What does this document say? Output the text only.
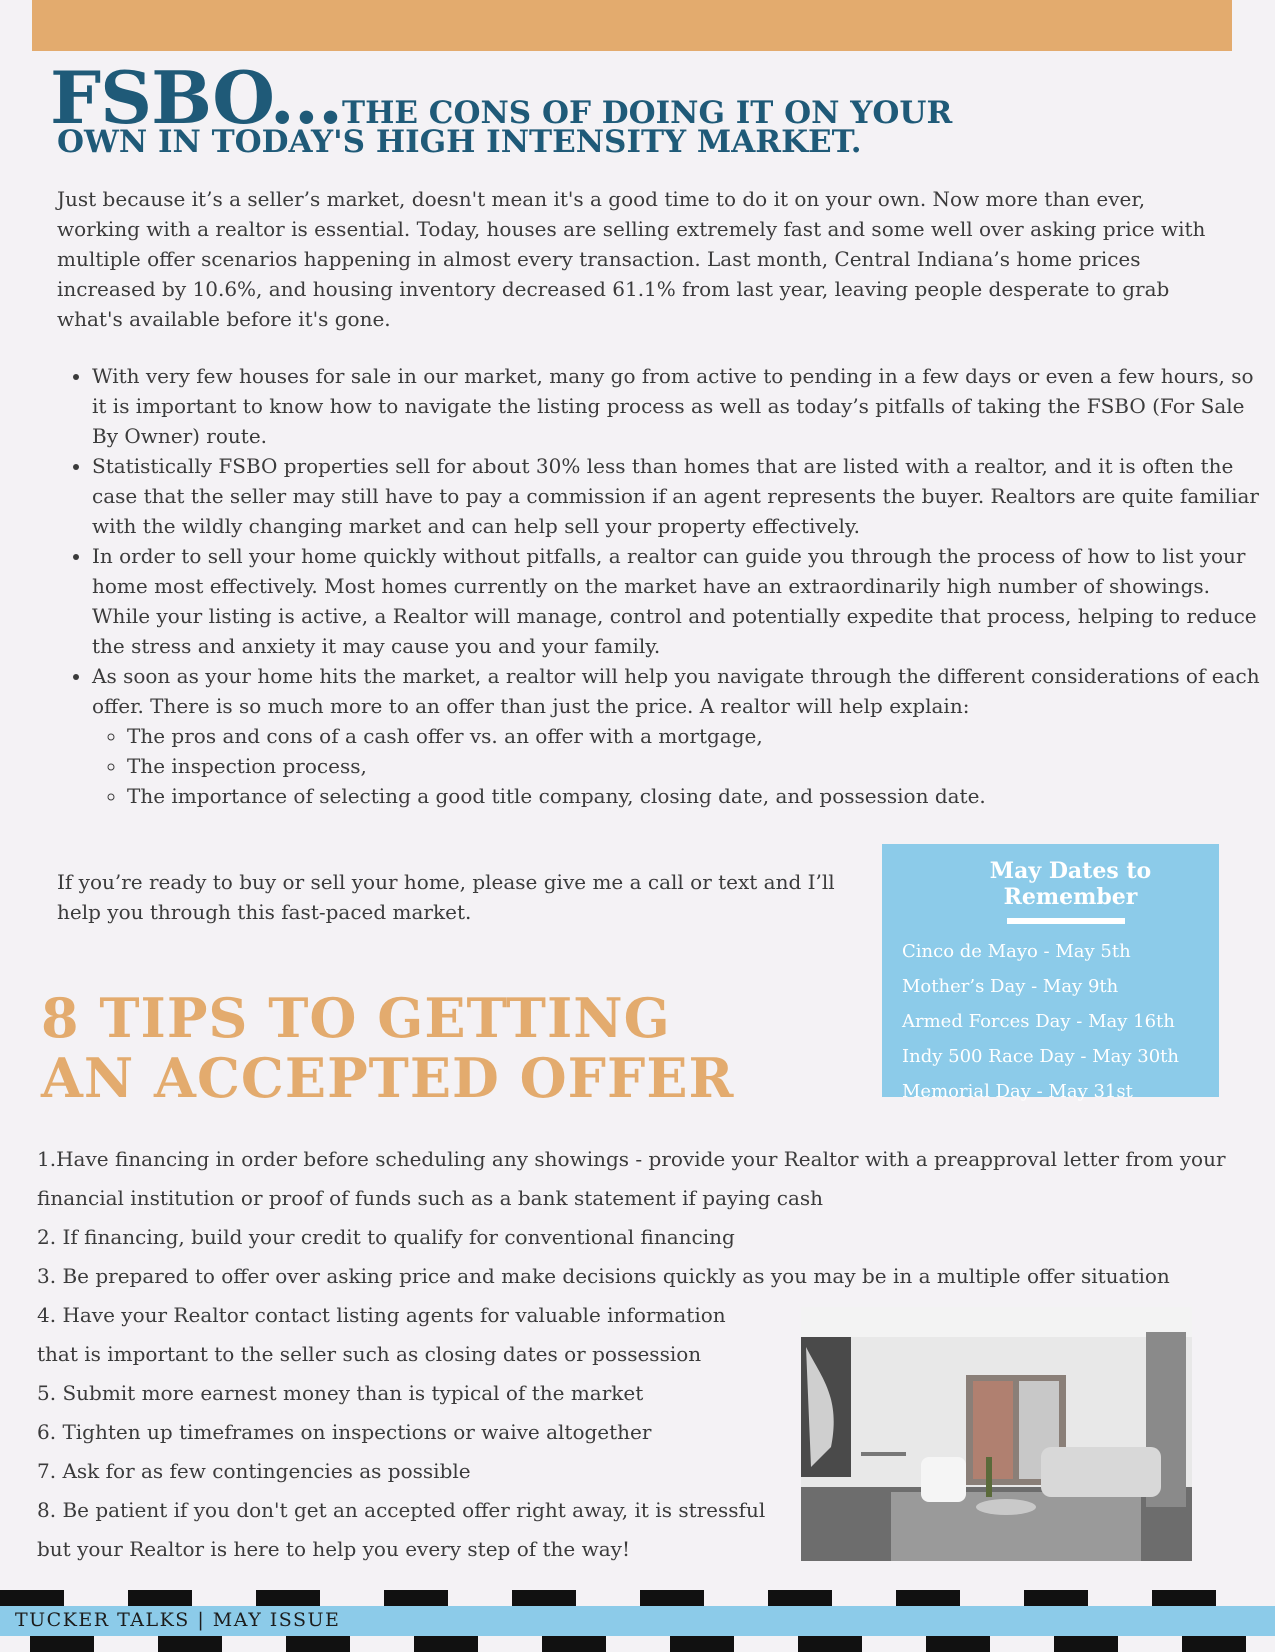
FSBO...THE CONS OF DOING IT ON YOUR
OWN IN TODAY'S HIGH INTENSITY MARKET.

Just because it’s a seller’s market, doesn't mean it's a good time to do it on your own. Now more than ever, working with a realtor is essential. Today, houses are selling extremely fast and some well over asking price with multiple offer scenarios happening in almost every transaction. Last month, Central Indiana’s home prices increased by 10.6%, and housing inventory decreased 61.1% from last year, leaving people desperate to grab what's available before it's gone.

• With very few houses for sale in our market, many go from active to pending in a few days or even a few hours, so it is important to know how to navigate the listing process as well as today’s pitfalls of taking the FSBO (For Sale By Owner) route.
• Statistically FSBO properties sell for about 30% less than homes that are listed with a realtor, and it is often the case that the seller may still have to pay a commission if an agent represents the buyer. Realtors are quite familiar with the wildly changing market and can help sell your property effectively.
• In order to sell your home quickly without pitfalls, a realtor can guide you through the process of how to list your home most effectively. Most homes currently on the market have an extraordinarily high number of showings. While your listing is active, a Realtor will manage, control and potentially expedite that process, helping to reduce the stress and anxiety it may cause you and your family.
• As soon as your home hits the market, a realtor will help you navigate through the different considerations of each offer. There is so much more to an offer than just the price. A realtor will help explain:
◦ The pros and cons of a cash offer vs. an offer with a mortgage,
◦ The inspection process,
◦ The importance of selecting a good title company, closing date, and possession date.

If you’re ready to buy or sell your home, please give me a call or text and I’ll help you through this fast-paced market.

May Dates to Remember
Cinco de Mayo - May 5th
Mother’s Day - May 9th
Armed Forces Day - May 16th
Indy 500 Race Day - May 30th
Memorial Day - May 31st
8 TIPS TO GETTING
AN ACCEPTED OFFER
1.Have financing in order before scheduling any showings - provide your Realtor with a preapproval letter from your financial institution or proof of funds such as a bank statement if paying cash
2. If financing, build your credit to qualify for conventional financing
3. Be prepared to offer over asking price and make decisions quickly as you may be in a multiple offer situation
4. Have your Realtor contact listing agents for valuable information that is important to the seller such as closing dates or possession
5. Submit more earnest money than is typical of the market
6. Tighten up timeframes on inspections or waive altogether
7. Ask for as few contingencies as possible
8. Be patient if you don't get an accepted offer right away, it is stressful but your Realtor is here to help you every step of the way!
TUCKER TALKS | MAY ISSUE
